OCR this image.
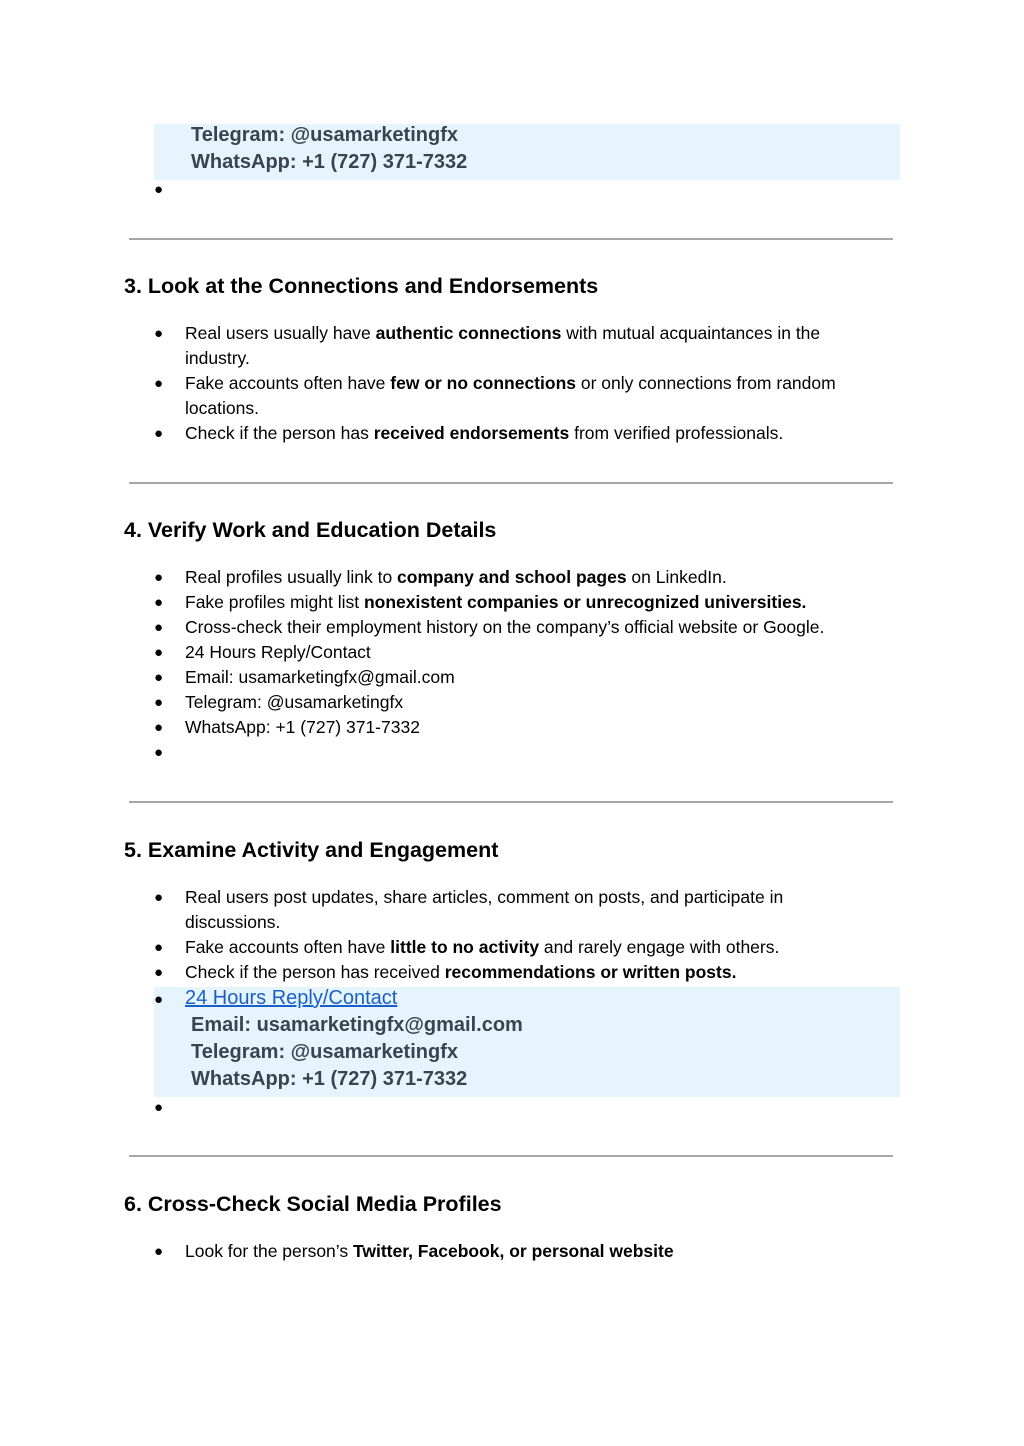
Telegram: @usamarketingfx
WhatsApp: +1 (727) 371-7332
●
3. Look at the Connections and Endorsements
● Real users usually have authentic connections with mutual acquaintances in the
industry.
● Fake accounts often have few or no connections or only connections from random
locations.
● Check if the person has received endorsements from verified professionals.
4. Verify Work and Education Details
● Real profiles usually link to company and school pages on LinkedIn.
● Fake profiles might list nonexistent companies or unrecognized universities.
● Cross-check their employment history on the company’s official website or Google.
● 24 Hours Reply/Contact
● Email: usamarketingfx@gmail.com
● Telegram: @usamarketingfx
● WhatsApp: +1 (727) 371-7332
●
5. Examine Activity and Engagement
● Real users post updates, share articles, comment on posts, and participate in
discussions.
● Fake accounts often have little to no activity and rarely engage with others.
● Check if the person has received recommendations or written posts.
● 24 Hours Reply/Contact
Email: usamarketingfx@gmail.com
Telegram: @usamarketingfx
WhatsApp: +1 (727) 371-7332
●
6. Cross-Check Social Media Profiles
● Look for the person’s Twitter, Facebook, or personal website
